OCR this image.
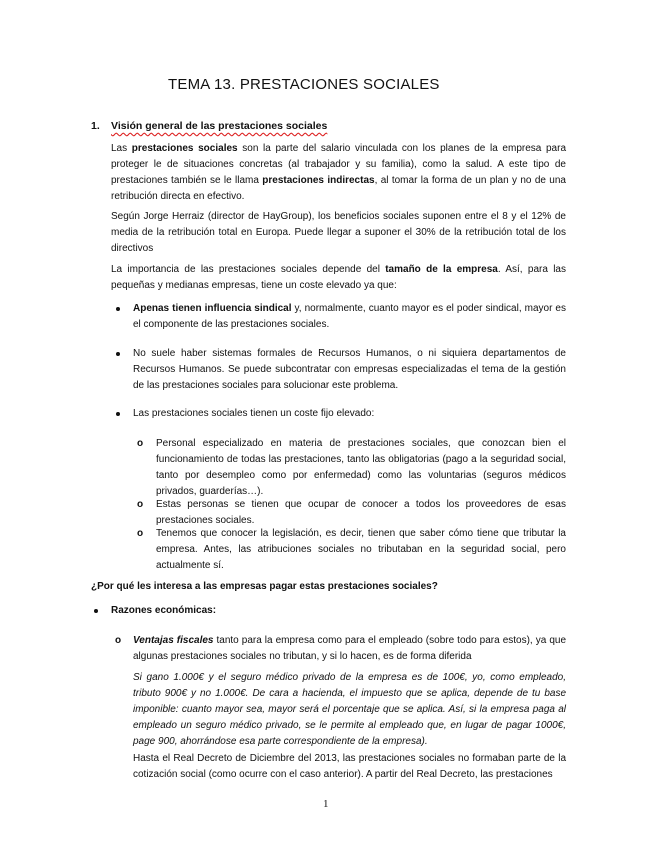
TEMA 13. PRESTACIONES SOCIALES
1. Visión general de las prestaciones sociales
Las prestaciones sociales son la parte del salario vinculada con los planes de la empresa para proteger le de situaciones concretas (al trabajador y su familia), como la salud. A este tipo de prestaciones también se le llama prestaciones indirectas, al tomar la forma de un plan y no de una retribución directa en efectivo.
Según Jorge Herraiz (director de HayGroup), los beneficios sociales suponen entre el 8 y el 12% de media de la retribución total en Europa. Puede llegar a suponer el 30% de la retribución total de los directivos
La importancia de las prestaciones sociales depende del tamaño de la empresa. Así, para las pequeñas y medianas empresas, tiene un coste elevado ya que:
Apenas tienen influencia sindical y, normalmente, cuanto mayor es el poder sindical, mayor es el componente de las prestaciones sociales.
No suele haber sistemas formales de Recursos Humanos, o ni siquiera departamentos de Recursos Humanos. Se puede subcontratar con empresas especializadas el tema de la gestión de las prestaciones sociales para solucionar este problema.
Las prestaciones sociales tienen un coste fijo elevado:
o Personal especializado en materia de prestaciones sociales, que conozcan bien el funcionamiento de todas las prestaciones, tanto las obligatorias (pago a la seguridad social, tanto por desempleo como por enfermedad) como las voluntarias (seguros médicos privados, guarderías…).
o Estas personas se tienen que ocupar de conocer a todos los proveedores de esas prestaciones sociales.
o Tenemos que conocer la legislación, es decir, tienen que saber cómo tiene que tributar la empresa. Antes, las atribuciones sociales no tributaban en la seguridad social, pero actualmente sí.
¿Por qué les interesa a las empresas pagar estas prestaciones sociales?
Razones económicas:
o Ventajas fiscales tanto para la empresa como para el empleado (sobre todo para estos), ya que algunas prestaciones sociales no tributan, y si lo hacen, es de forma diferida
Si gano 1.000€ y el seguro médico privado de la empresa es de 100€, yo, como empleado, tributo 900€ y no 1.000€. De cara a hacienda, el impuesto que se aplica, depende de tu base imponible: cuanto mayor sea, mayor será el porcentaje que se aplica. Así, si la empresa paga al empleado un seguro médico privado, se le permite al empleado que, en lugar de pagar 1000€, page 900, ahorrándose esa parte correspondiente de la empresa).
Hasta el Real Decreto de Diciembre del 2013, las prestaciones sociales no formaban parte de la cotización social (como ocurre con el caso anterior). A partir del Real Decreto, las prestaciones
1
